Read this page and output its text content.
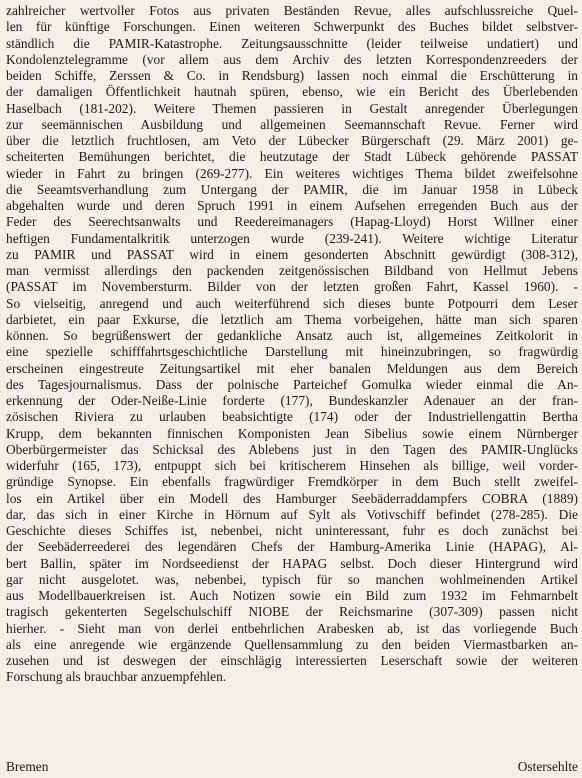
zahlreicher wertvoller Fotos aus privaten Beständen Revue, alles aufschlussreiche Quel-
len für künftige Forschungen. Einen weiteren Schwerpunkt des Buches bildet selbstver-
ständlich die PAMIR-Katastrophe. Zeitungsausschnitte (leider teilweise undatiert) und
Kondolenztelegramme (vor allem aus dem Archiv des letzten Korrespondenzreeders der
beiden Schiffe, Zerssen & Co. in Rendsburg) lassen noch einmal die Erschütterung in
der damaligen Öffentlichkeit hautnah spüren, ebenso, wie ein Bericht des Überlebenden
Haselbach (181-202). Weitere Themen passieren in Gestalt anregender Überlegungen
zur seemännischen Ausbildung und allgemeinen Seemannschaft Revue. Ferner wird
über die letztlich fruchtlosen, am Veto der Lübecker Bürgerschaft (29. März 2001) ge-
scheiterten Bemühungen berichtet, die heutzutage der Stadt Lübeck gehörende PASSAT
wieder in Fahrt zu bringen (269-277). Ein weiteres wichtiges Thema bildet zweifelsohne
die Seeamtsverhandlung zum Untergang der PAMIR, die im Januar 1958 in Lübeck
abgehalten wurde und deren Spruch 1991 in einem Aufsehen erregenden Buch aus der
Feder des Seerechtsanwalts und Reedereimanagers (Hapag-Lloyd) Horst Willner einer
heftigen Fundamentalkritik unterzogen wurde (239-241). Weitere wichtige Literatur
zu PAMIR und PASSAT wird in einem gesonderten Abschnitt gewürdigt (308-312),
man vermisst allerdings den packenden zeitgenössischen Bildband von Hellmut Jebens
(PASSAT im Novembersturm. Bilder von der letzten großen Fahrt, Kassel 1960). -
So vielseitig, anregend und auch weiterführend sich dieses bunte Potpourri dem Leser
darbietet, ein paar Exkurse, die letztlich am Thema vorbeigehen, hätte man sich sparen
können. So begrüßenswert der gedankliche Ansatz auch ist, allgemeines Zeitkolorit in
eine spezielle schifffahrtsgeschichtliche Darstellung mit hineinzubringen, so fragwürdig
erscheinen eingestreute Zeitungsartikel mit eher banalen Meldungen aus dem Bereich
des Tagesjournalismus. Dass der polnische Parteichef Gomulka wieder einmal die An-
erkennung der Oder-Neiße-Linie forderte (177), Bundeskanzler Adenauer an der fran-
zösischen Riviera zu urlauben beabsichtigte (174) oder der Industriellengattin Bertha
Krupp, dem bekannten finnischen Komponisten Jean Sibelius sowie einem Nürnberger
Oberbürgermeister das Schicksal des Ablebens just in den Tagen des PAMIR-Unglücks
widerfuhr (165, 173), entpuppt sich bei kritischerem Hinsehen als billige, weil vorder-
gründige Synopse. Ein ebenfalls fragwürdiger Fremdkörper in dem Buch stellt zweifel-
los ein Artikel über ein Modell des Hamburger Seebäderraddampfers COBRA (1889)
dar, das sich in einer Kirche in Hörnum auf Sylt als Votivschiff befindet (278-285). Die
Geschichte dieses Schiffes ist, nebenbei, nicht uninteressant, fuhr es doch zunächst bei
der Seebäderreederei des legendären Chefs der Hamburg-Amerika Linie (HAPAG), Al-
bert Ballin, später im Nordseedienst der HAPAG selbst. Doch dieser Hintergrund wird
gar nicht ausgelotet. was, nebenbei, typisch für so manchen wohlmeinenden Artikel
aus Modellbauerkreisen ist. Auch Notizen sowie ein Bild zum 1932 im Fehmarnbelt
tragisch gekenterten Segelschulschiff NIOBE der Reichsmarine (307-309) passen nicht
hierher. - Sieht man von derlei entbehrlichen Arabesken ab, ist das vorliegende Buch
als eine anregende wie ergänzende Quellensammlung zu den beiden Viermastbarken an-
zusehen und ist deswegen der einschlägig interessierten Leserschaft sowie der weiteren
Forschung als brauchbar anzuempfehlen.
Bremen	Ostersehlte
